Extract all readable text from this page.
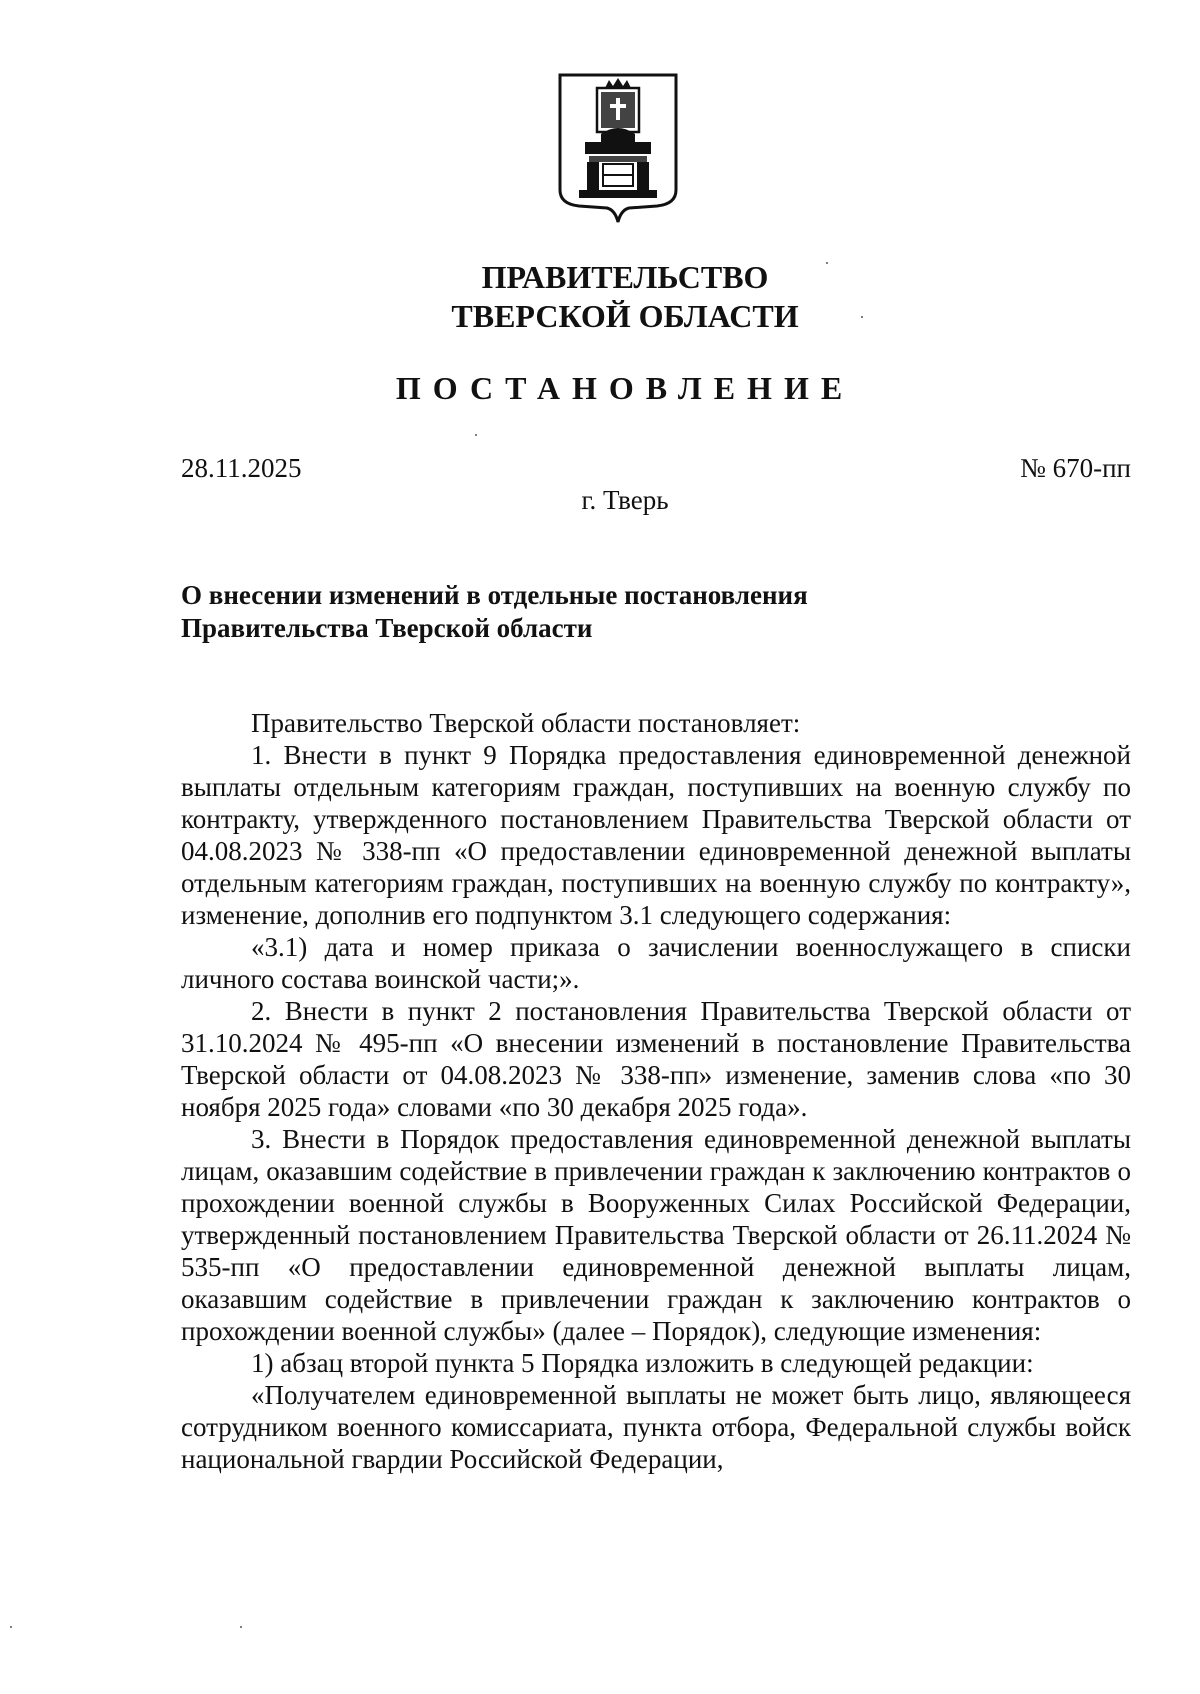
ПРАВИТЕЛЬСТВО
ТВЕРСКОЙ ОБЛАСТИ
ПОСТАНОВЛЕНИЕ
28.11.2025	№ 670-пп
г. Тверь
О внесении изменений в отдельные постановления
Правительства Тверской области

Правительство Тверской области постановляет:

1. Внести в пункт 9 Порядка предоставления единовременной денежной выплаты отдельным категориям граждан, поступивших на военную службу по контракту, утвержденного постановлением Правительства Тверской области от 04.08.2023 № 338-пп «О предоставлении единовременной денежной выплаты отдельным категориям граждан, поступивших на военную службу по контракту», изменение, дополнив его подпунктом 3.1 следующего содержания:

«3.1) дата и номер приказа о зачислении военнослужащего в списки личного состава воинской части;».

2. Внести в пункт 2 постановления Правительства Тверской области от 31.10.2024 № 495-пп «О внесении изменений в постановление Правительства Тверской области от 04.08.2023 № 338-пп» изменение, заменив слова «по 30 ноября 2025 года» словами «по 30 декабря 2025 года».

3. Внести в Порядок предоставления единовременной денежной выплаты лицам, оказавшим содействие в привлечении граждан к заключению контрактов о прохождении военной службы в Вооруженных Силах Российской Федерации, утвержденный постановлением Правительства Тверской области от 26.11.2024 № 535-пп «О предоставлении единовременной денежной выплаты лицам, оказавшим содействие в привлечении граждан к заключению контрактов о прохождении военной службы» (далее – Порядок), следующие изменения:

1) абзац второй пункта 5 Порядка изложить в следующей редакции:

«Получателем единовременной выплаты не может быть лицо, являющееся сотрудником военного комиссариата, пункта отбора, Федеральной службы войск национальной гвардии Российской Федерации,
